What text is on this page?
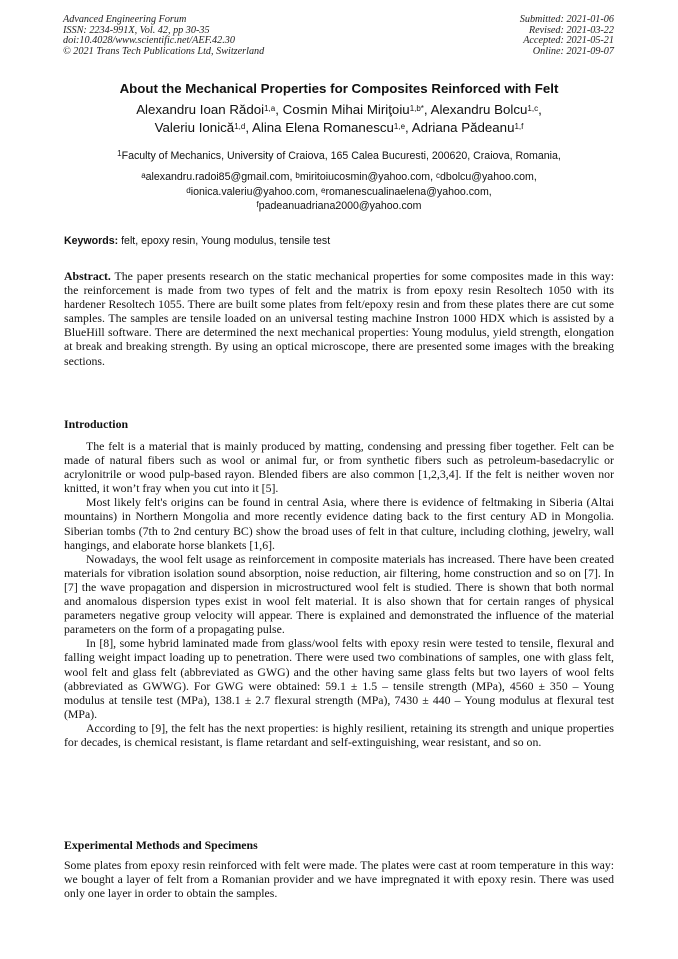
Advanced Engineering Forum
ISSN: 2234-991X, Vol. 42, pp 30-35
doi:10.4028/www.scientific.net/AEF.42.30
© 2021 Trans Tech Publications Ltd, Switzerland
Submitted: 2021-01-06
Revised: 2021-03-22
Accepted: 2021-05-21
Online: 2021-09-07
About the Mechanical Properties for Composites Reinforced with Felt
Alexandru Ioan Rădoi$^{1,a}$, Cosmin Mihai Miriţoiu$^{1,b*}$, Alexandru Bolcu$^{1,c}$,
Valeriu Ionică$^{1,d}$, Alina Elena Romanescu$^{1,e}$, Adriana Pădeanu$^{1,f}$
$^1$Faculty of Mechanics, University of Craiova, 165 Calea Bucuresti, 200620, Craiova, Romania,
$^a$alexandru.radoi85@gmail.com, $^b$miritoiucosmin@yahoo.com, $^c$dbolcu@yahoo.com,
$^d$ionica.valeriu@yahoo.com, $^e$romanescualinaelena@yahoo.com,
$^f$padeanuadriana2000@yahoo.com
Keywords: felt, epoxy resin, Young modulus, tensile test

Abstract. The paper presents research on the static mechanical properties for some composites made in this way: the reinforcement is made from two types of felt and the matrix is from epoxy resin Resoltech 1050 with its hardener Resoltech 1055. There are built some plates from felt/epoxy resin and from these plates there are cut some samples. The samples are tensile loaded on an universal testing machine Instron 1000 HDX which is assisted by a BlueHill software. There are determined the next mechanical properties: Young modulus, yield strength, elongation at break and breaking strength. By using an optical microscope, there are presented some images with the breaking sections.

Introduction

The felt is a material that is mainly produced by matting, condensing and pressing fiber together. Felt can be made of natural fibers such as wool or animal fur, or from synthetic fibers such as petroleum-basedacrylic or acrylonitrile or wood pulp-based rayon. Blended fibers are also common [1,2,3,4]. If the felt is neither woven nor knitted, it won’t fray when you cut into it [5].

Most likely felt's origins can be found in central Asia, where there is evidence of feltmaking in Siberia (Altai mountains) in Northern Mongolia and more recently evidence dating back to the first century AD in Mongolia. Siberian tombs (7th to 2nd century BC) show the broad uses of felt in that culture, including clothing, jewelry, wall hangings, and elaborate horse blankets [1,6].

Nowadays, the wool felt usage as reinforcement in composite materials has increased. There have been created materials for vibration isolation sound absorption, noise reduction, air filtering, home construction and so on [7]. In [7] the wave propagation and dispersion in microstructured wool felt is studied. There is shown that both normal and anomalous dispersion types exist in wool felt material. It is also shown that for certain ranges of physical parameters negative group velocity will appear. There is explained and demonstrated the influence of the material parameters on the form of a propagating pulse.

In [8], some hybrid laminated made from glass/wool felts with epoxy resin were tested to tensile, flexural and falling weight impact loading up to penetration. There were used two combinations of samples, one with glass felt, wool felt and glass felt (abbreviated as GWG) and the other having same glass felts but two layers of wool felts (abbreviated as GWWG). For GWG were obtained: 59.1 ± 1.5 – tensile strength (MPa), 4560 ± 350 – Young modulus at tensile test (MPa), 138.1 ± 2.7 flexural strength (MPa), 7430 ± 440 – Young modulus at flexural test (MPa).

According to [9], the felt has the next properties: is highly resilient, retaining its strength and unique properties for decades, is chemical resistant, is flame retardant and self-extinguishing, wear resistant, and so on.

Experimental Methods and Specimens

Some plates from epoxy resin reinforced with felt were made. The plates were cast at room temperature in this way: we bought a layer of felt from a Romanian provider and we have impregnated it with epoxy resin. There was used only one layer in order to obtain the samples.
